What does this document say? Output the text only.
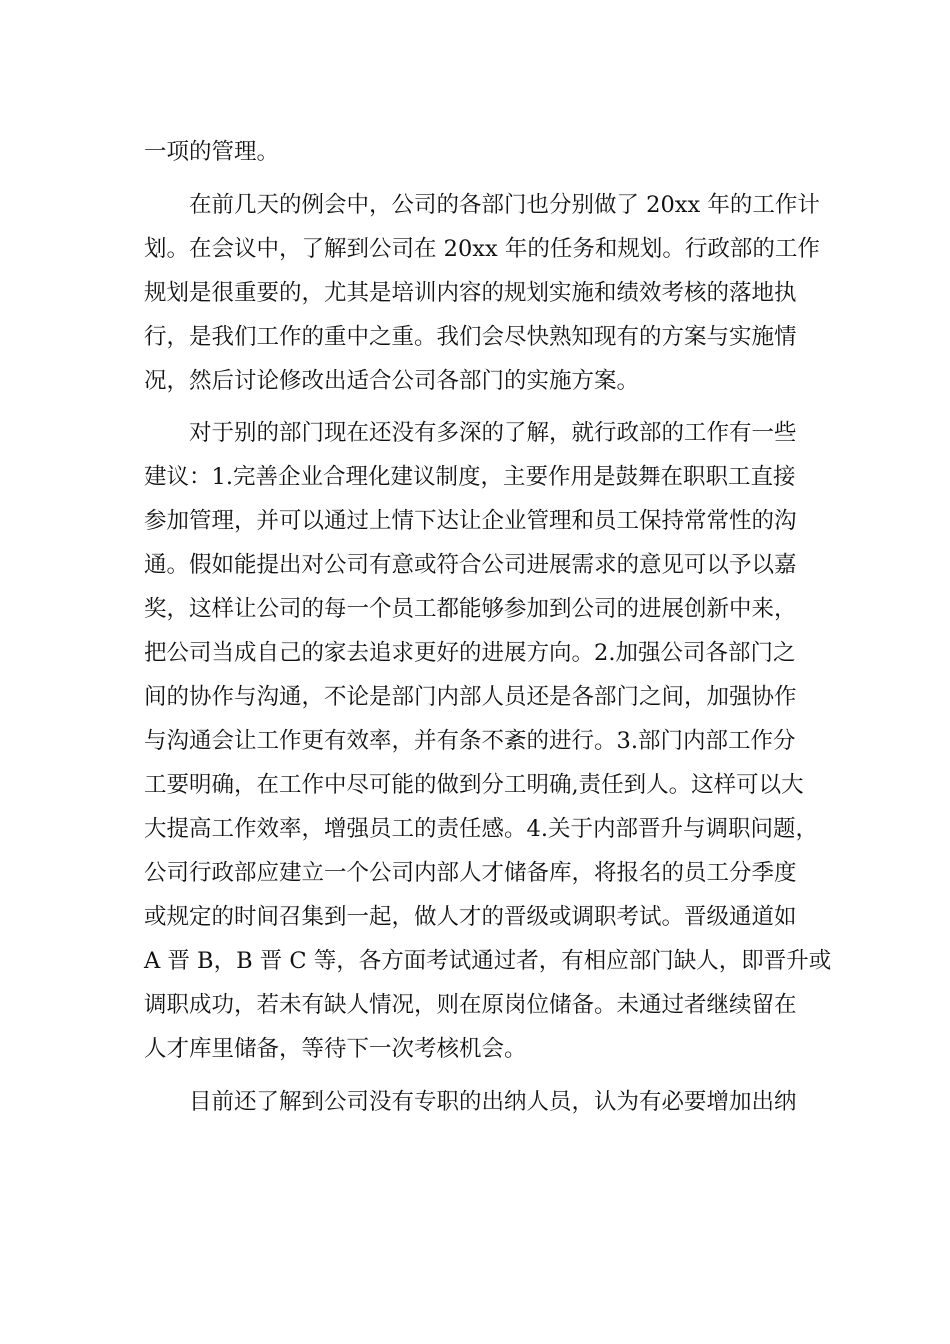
一项的管理。
在前几天的例会中，公司的各部门也分别做了 20xx 年的工作计
划。在会议中，了解到公司在 20xx 年的任务和规划。行政部的工作
规划是很重要的，尤其是培训内容的规划实施和绩效考核的落地执
行，是我们工作的重中之重。我们会尽快熟知现有的方案与实施情
况，然后讨论修改出适合公司各部门的实施方案。
对于别的部门现在还没有多深的了解，就行政部的工作有一些
建议：1.完善企业合理化建议制度，主要作用是鼓舞在职职工直接
参加管理，并可以通过上情下达让企业管理和员工保持常常性的沟
通。假如能提出对公司有意或符合公司进展需求的意见可以予以嘉
奖，这样让公司的每一个员工都能够参加到公司的进展创新中来，
把公司当成自己的家去追求更好的进展方向。2.加强公司各部门之
间的协作与沟通，不论是部门内部人员还是各部门之间，加强协作
与沟通会让工作更有效率，并有条不紊的进行。3.部门内部工作分
工要明确，在工作中尽可能的做到分工明确,责任到人。这样可以大
大提高工作效率，增强员工的责任感。4.关于内部晋升与调职问题，
公司行政部应建立一个公司内部人才储备库，将报名的员工分季度
或规定的时间召集到一起，做人才的晋级或调职考试。晋级通道如
A 晋 B，B 晋 C 等，各方面考试通过者，有相应部门缺人，即晋升或
调职成功，若未有缺人情况，则在原岗位储备。未通过者继续留在
人才库里储备，等待下一次考核机会。
目前还了解到公司没有专职的出纳人员，认为有必要增加出纳
